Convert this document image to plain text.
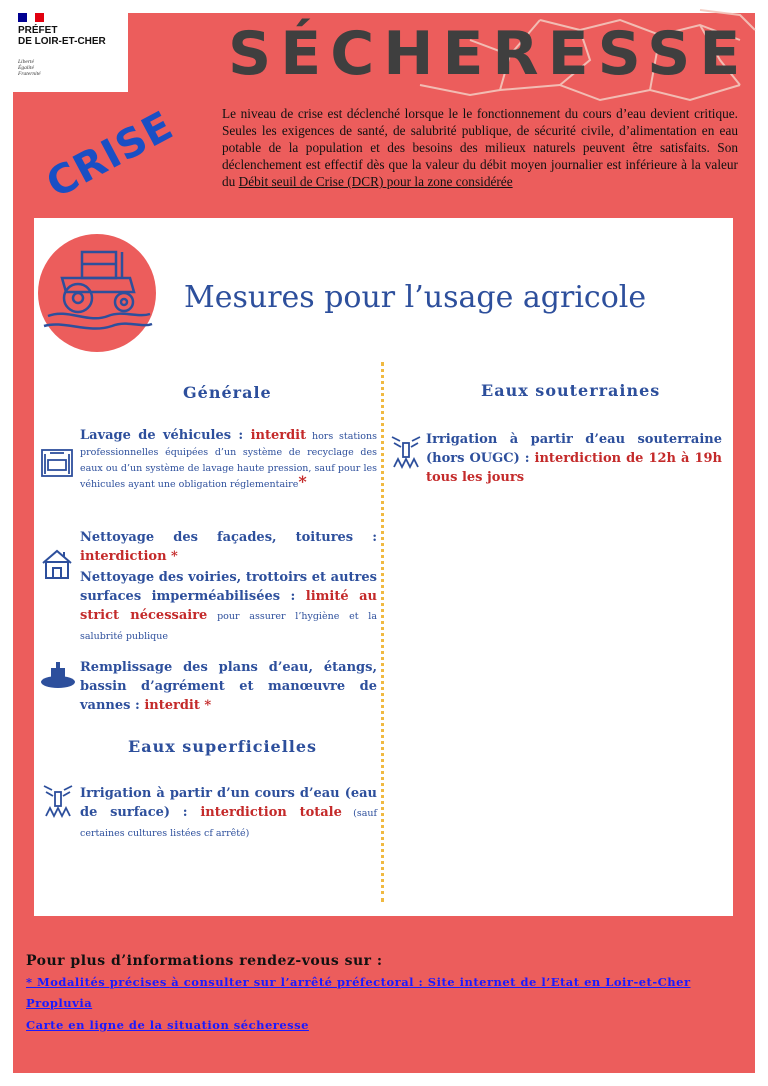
PRÉFET
DE LOIR-ET-CHER
Liberté
Égalité
Fraternité	SÉCHERESSE
CRISE	Le niveau de crise est déclenché lorsque le le fonctionnement du cours d’eau devient critique. Seules les exigences de santé, de salubrité publique, de sécurité civile, d’alimentation en eau potable de la population et des besoins des milieux naturels peuvent être satisfaits. Son déclenchement est effectif dès que la valeur du débit moyen journalier est inférieure à la valeur du Débit seuil de Crise (DCR) pour la zone considérée
Mesures pour l’usage agricole
Générale
Lavage de véhicules : interdit hors stations professionnelles équipées d’un système de recyclage des eaux ou d’un système de lavage haute pression, sauf pour les véhicules ayant une obligation réglementaire*
Nettoyage des façades, toitures : interdiction *
Nettoyage des voiries, trottoirs et autres surfaces imperméabilisées : limité au strict nécessaire pour assurer l’hygiène et la salubrité publique
Remplissage des plans d’eau, étangs, bassin d’agrément et manœuvre de vannes : interdit *
Eaux superficielles
Irrigation à partir d’un cours d’eau (eau de surface) : interdiction totale (sauf certaines cultures listées cf arrêté)
Eaux souterraines
Irrigation à partir d’eau souterraine (hors OUGC) : interdiction de 12h à 19h tous les jours
Pour plus d’informations rendez-vous sur :
* Modalités précises à consulter sur l’arrêté préfectoral : Site internet de l’Etat en Loir-et-Cher
Propluvia
Carte en ligne de la situation sécheresse
